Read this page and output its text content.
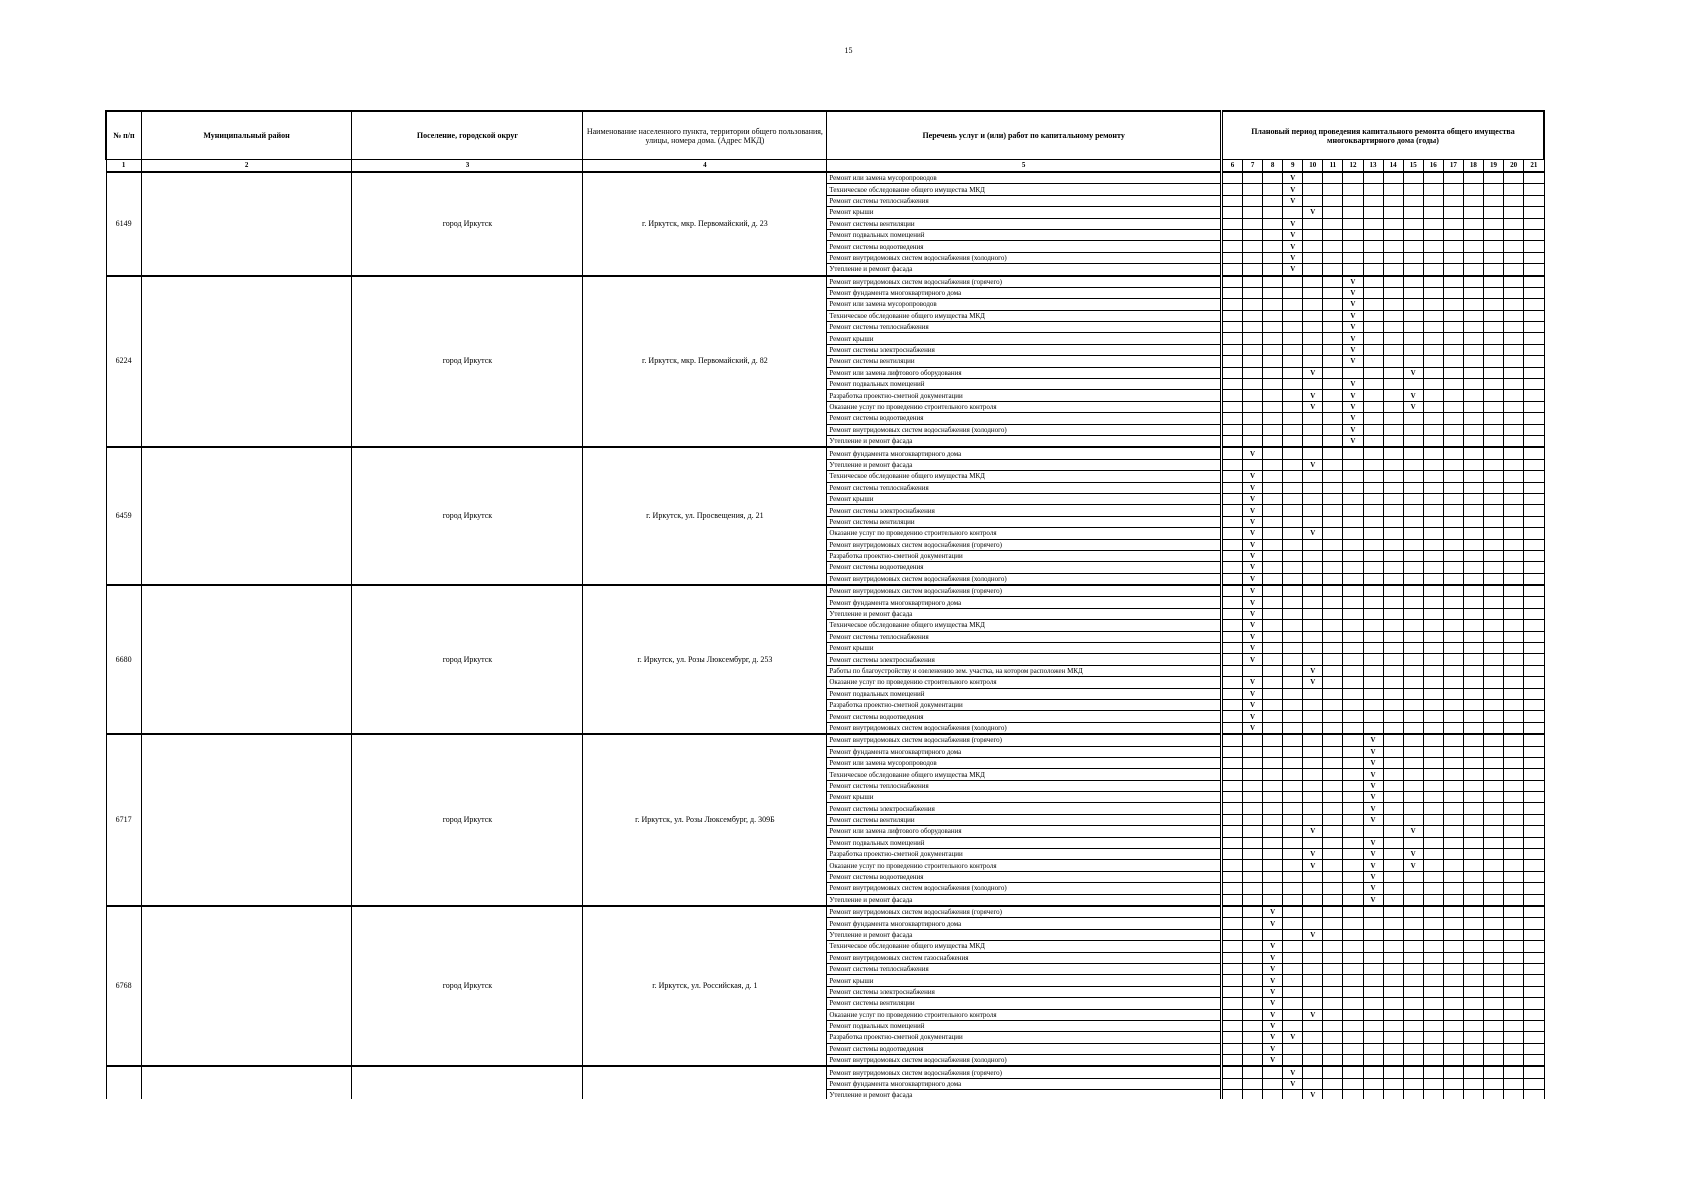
15
№ п/п	Муниципальный район	Поселение, городской округ	Наименование населенного пункта, территории общего пользования, улицы, номера дома. (Адрес МКД)	Перечень услуг и (или) работ по капитальному ремонту		Плановый период проведения капитального ремонта общего имущества многоквартирного дома (годы)															
1	2	3	4	5		6	7	8	9	10	11	12	13	14	15	16	17	18	19	20	21
6149		город Иркутск	г. Иркутск, мкр. Первомайский, д. 23	Ремонт или замена мусоропроводов					V												
				Техническое обследование общего имущества МКД					V												
				Ремонт системы теплоснабжения					V												
				Ремонт крыши						V											
				Ремонт системы вентиляции					V												
				Ремонт подвальных помещений					V												
				Ремонт системы водоотведения					V												
				Ремонт внутридомовых систем водоснабжения (холодного)					V												
				Утепление и ремонт фасада					V												
6224		город Иркутск	г. Иркутск, мкр. Первомайский, д. 82	Ремонт внутридомовых систем водоснабжения (горячего)								V									
				Ремонт фундамента многоквартирного дома								V									
				Ремонт или замена мусоропроводов								V									
				Техническое обследование общего имущества МКД								V									
				Ремонт системы теплоснабжения								V									
				Ремонт крыши								V									
				Ремонт системы электроснабжения								V									
				Ремонт системы вентиляции								V									
				Ремонт или замена лифтового оборудования						V					V						
				Ремонт подвальных помещений								V									
				Разработка проектно-сметной документации						V		V			V						
				Оказание услуг по проведению строительного контроля						V		V			V						
				Ремонт системы водоотведения								V									
				Ремонт внутридомовых систем водоснабжения (холодного)								V									
				Утепление и ремонт фасада								V									
6459		город Иркутск	г. Иркутск, ул. Просвещения, д. 21	Ремонт фундамента многоквартирного дома			V														
				Утепление и ремонт фасада						V											
				Техническое обследование общего имущества МКД			V														
				Ремонт системы теплоснабжения			V														
				Ремонт крыши			V														
				Ремонт системы электроснабжения			V														
				Ремонт системы вентиляции			V														
				Оказание услуг по проведению строительного контроля			V			V											
				Ремонт внутридомовых систем водоснабжения (горячего)			V														
				Разработка проектно-сметной документации			V														
				Ремонт системы водоотведения			V														
				Ремонт внутридомовых систем водоснабжения (холодного)			V														
6680		город Иркутск	г. Иркутск, ул. Розы Люксембург, д. 253	Ремонт внутридомовых систем водоснабжения (горячего)			V														
				Ремонт фундамента многоквартирного дома			V														
				Утепление и ремонт фасада			V														
				Техническое обследование общего имущества МКД			V														
				Ремонт системы теплоснабжения			V														
				Ремонт крыши			V														
				Ремонт системы электроснабжения			V														
				Работы по благоустройству и озеленению зем. участка, на котором расположен МКД						V											
				Оказание услуг по проведению строительного контроля			V			V											
				Ремонт подвальных помещений			V														
				Разработка проектно-сметной документации			V														
				Ремонт системы водоотведения			V														
				Ремонт внутридомовых систем водоснабжения (холодного)			V														
6717		город Иркутск	г. Иркутск, ул. Розы Люксембург, д. 309Б	Ремонт внутридомовых систем водоснабжения (горячего)									V								
				Ремонт фундамента многоквартирного дома									V								
				Ремонт или замена мусоропроводов									V								
				Техническое обследование общего имущества МКД									V								
				Ремонт системы теплоснабжения									V								
				Ремонт крыши									V								
				Ремонт системы электроснабжения									V								
				Ремонт системы вентиляции									V								
				Ремонт или замена лифтового оборудования						V					V						
				Ремонт подвальных помещений									V								
				Разработка проектно-сметной документации						V			V		V						
				Оказание услуг по проведению строительного контроля						V			V		V						
				Ремонт системы водоотведения									V								
				Ремонт внутридомовых систем водоснабжения (холодного)									V								
				Утепление и ремонт фасада									V								
6768		город Иркутск	г. Иркутск, ул. Российская, д. 1	Ремонт внутридомовых систем водоснабжения (горячего)				V													
				Ремонт фундамента многоквартирного дома				V													
				Утепление и ремонт фасада						V											
				Техническое обследование общего имущества МКД				V													
				Ремонт внутридомовых систем газоснабжения				V													
				Ремонт системы теплоснабжения				V													
				Ремонт крыши				V													
				Ремонт системы электроснабжения				V													
				Ремонт системы вентиляции				V													
				Оказание услуг по проведению строительного контроля				V		V											
				Ремонт подвальных помещений				V													
				Разработка проектно-сметной документации				V	V												
				Ремонт системы водоотведения				V													
				Ремонт внутридомовых систем водоснабжения (холодного)				V													
				Ремонт внутридомовых систем водоснабжения (горячего)					V												
				Ремонт фундамента многоквартирного дома					V												
				Утепление и ремонт фасада						V											
